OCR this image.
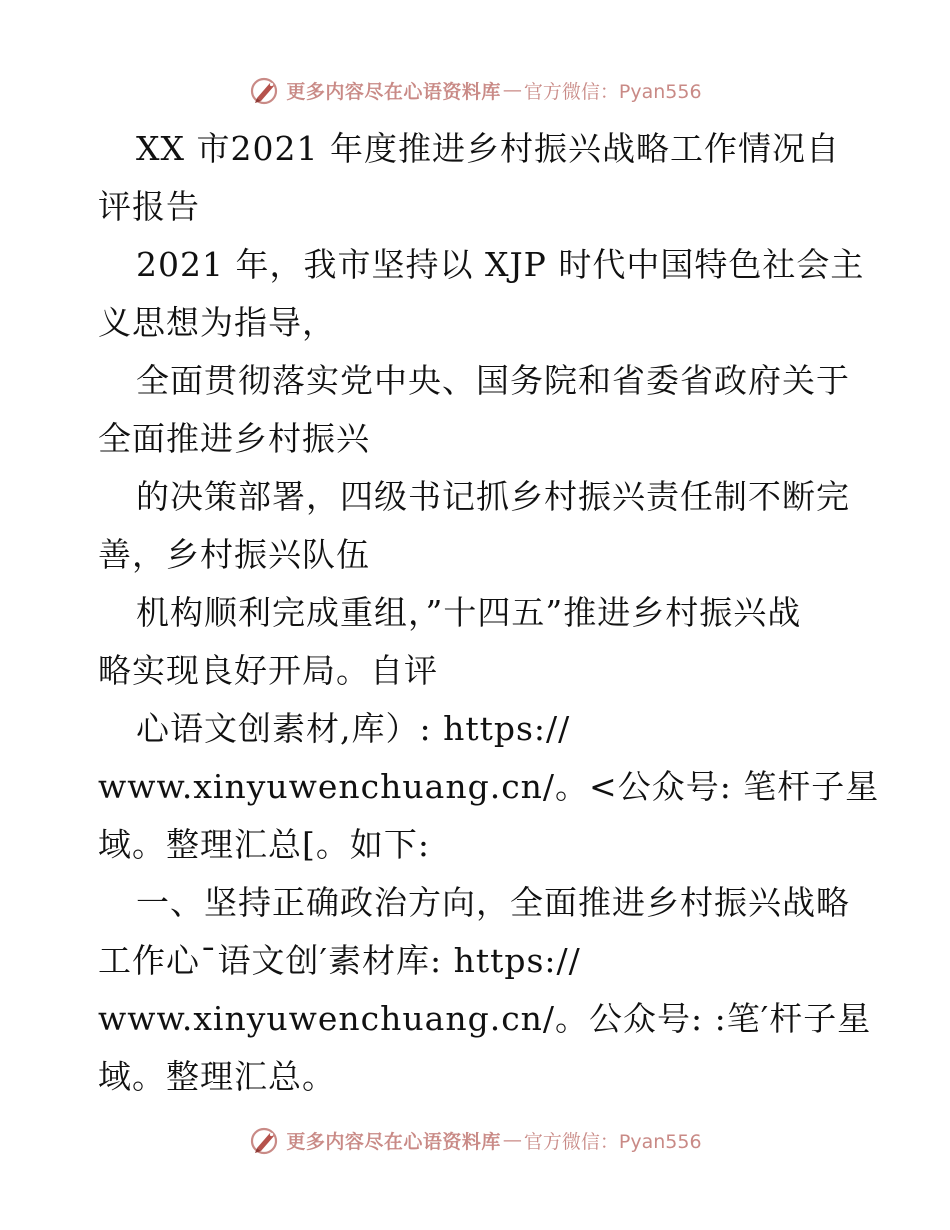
更多内容尽在心语资料库 — 官方微信：Pyan556
XX 市2021 年度推进乡村振兴战略工作情况自
评报告
2021 年，我市坚持以 XJP 时代中国特色社会主
义思想为指导，
全面贯彻落实党中央、国务院和省委省政府关于
全面推进乡村振兴
的决策部署，四级书记抓乡村振兴责任制不断完
善，乡村振兴队伍
机构顺利完成重组，”十四五”推进乡村振兴战
略实现良好开局。自评
心语文创素材,库）: https://
www.xinyuwenchuang.cn/。<公众号: 笔杆子星
域。整理汇总[。如下:
一、坚持正确政治方向，全面推进乡村振兴战略
工作心¯语文创′素材库: https://
www.xinyuwenchuang.cn/。公众号: :笔′杆子星
域。整理汇总。
更多内容尽在心语资料库 — 官方微信：Pyan556
